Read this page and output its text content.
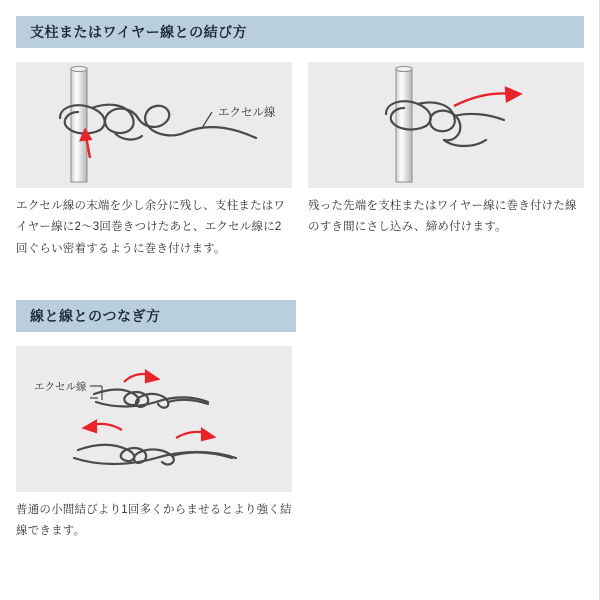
支柱またはワイヤー線との結び方
エクセル線
エクセル線の末端を少し余分に残し、支柱またはワイヤー線に2～3回巻きつけたあと、エクセル線に2回ぐらい密着するように巻き付けます。
残った先端を支柱またはワイヤー線に巻き付けた線のすき間にさし込み、締め付けます。
線と線とのつなぎ方
エクセル線
普通の小間結びより1回多くからませるとより強く結線できます。
